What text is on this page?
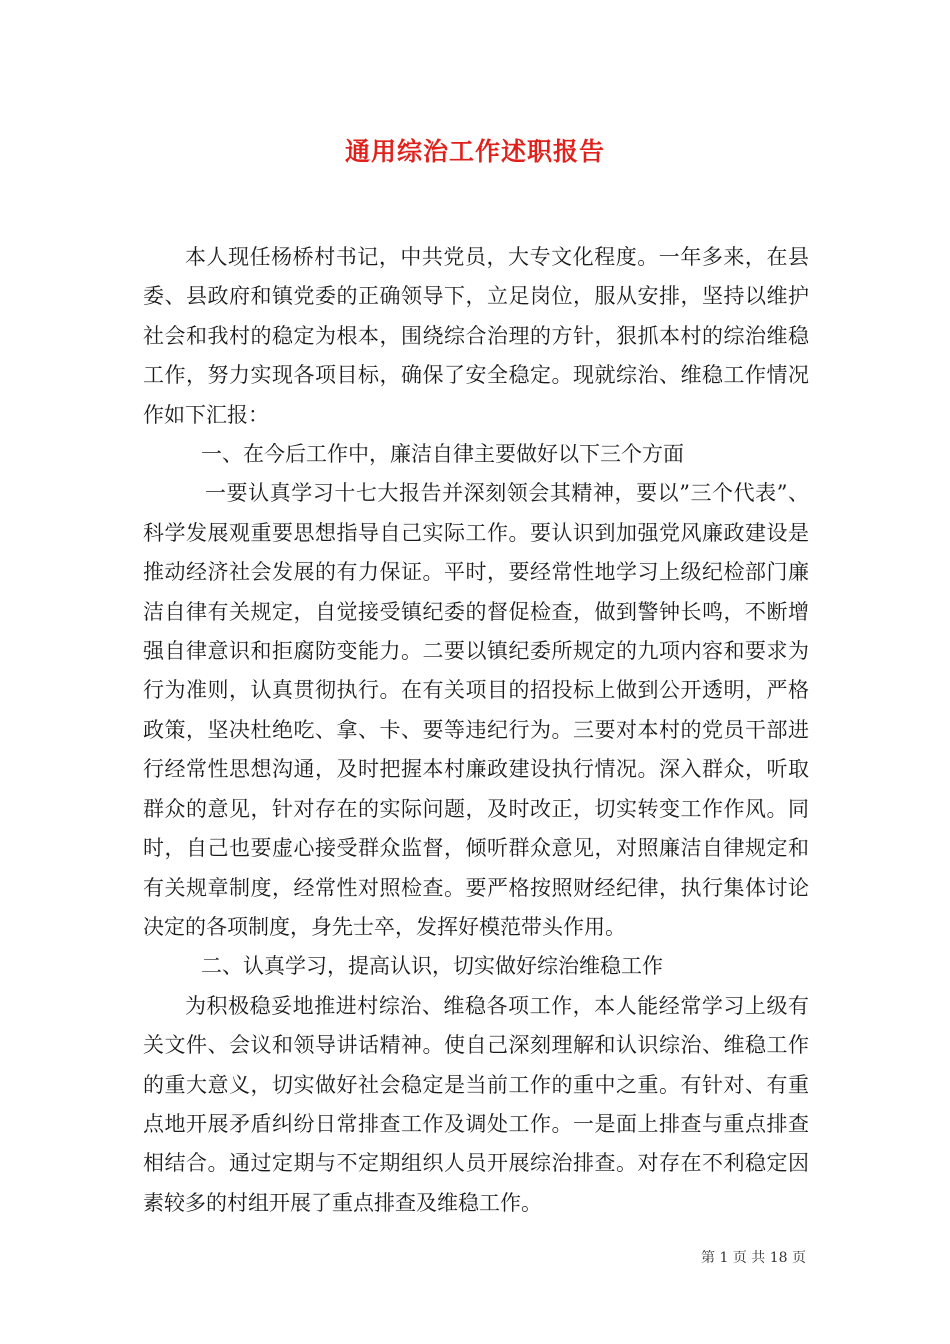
通用综治工作述职报告

本人现任杨桥村书记，中共党员，大专文化程度。一年多来，在县委、县政府和镇党委的正确领导下，立足岗位，服从安排，坚持以维护社会和我村的稳定为根本，围绕综合治理的方针，狠抓本村的综治维稳工作，努力实现各项目标，确保了安全稳定。现就综治、维稳工作情况作如下汇报：

一、在今后工作中，廉洁自律主要做好以下三个方面

一要认真学习十七大报告并深刻领会其精神，要以”三个代表”、科学发展观重要思想指导自己实际工作。要认识到加强党风廉政建设是推动经济社会发展的有力保证。平时，要经常性地学习上级纪检部门廉洁自律有关规定，自觉接受镇纪委的督促检查，做到警钟长鸣，不断增强自律意识和拒腐防变能力。二要以镇纪委所规定的九项内容和要求为行为准则，认真贯彻执行。在有关项目的招投标上做到公开透明，严格政策，坚决杜绝吃、拿、卡、要等违纪行为。三要对本村的党员干部进行经常性思想沟通，及时把握本村廉政建设执行情况。深入群众，听取群众的意见，针对存在的实际问题，及时改正，切实转变工作作风。同时，自己也要虚心接受群众监督，倾听群众意见，对照廉洁自律规定和有关规章制度，经常性对照检查。要严格按照财经纪律，执行集体讨论决定的各项制度，身先士卒，发挥好模范带头作用。

二、认真学习，提高认识，切实做好综治维稳工作

为积极稳妥地推进村综治、维稳各项工作，本人能经常学习上级有关文件、会议和领导讲话精神。使自己深刻理解和认识综治、维稳工作的重大意义，切实做好社会稳定是当前工作的重中之重。有针对、有重点地开展矛盾纠纷日常排查工作及调处工作。一是面上排查与重点排查相结合。通过定期与不定期组织人员开展综治排查。对存在不利稳定因素较多的村组开展了重点排查及维稳工作。

第 1 页 共 18 页
